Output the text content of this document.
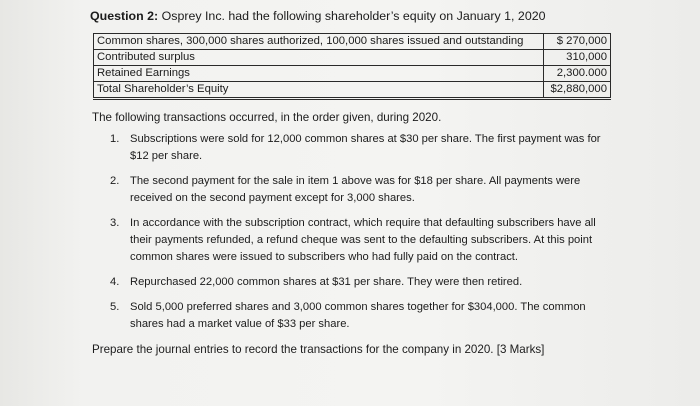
Question 2: Osprey Inc. had the following shareholder’s equity on January 1, 2020
Common shares, 300,000 shares authorized, 100,000 shares issued and outstanding	$ 270,000
Contributed surplus	310,000
Retained Earnings	2,300.000
Total Shareholder’s Equity	$2,880,000
The following transactions occurred, in the order given, during 2020.
1. Subscriptions were sold for 12,000 common shares at $30 per share. The first payment was for $12 per share.
2. The second payment for the sale in item 1 above was for $18 per share. All payments were received on the second payment except for 3,000 shares.
3. In accordance with the subscription contract, which require that defaulting subscribers have all their payments refunded, a refund cheque was sent to the defaulting subscribers. At this point common shares were issued to subscribers who had fully paid on the contract.
4. Repurchased 22,000 common shares at $31 per share. They were then retired.
5. Sold 5,000 preferred shares and 3,000 common shares together for $304,000. The common shares had a market value of $33 per share.
Prepare the journal entries to record the transactions for the company in 2020. [3 Marks]
